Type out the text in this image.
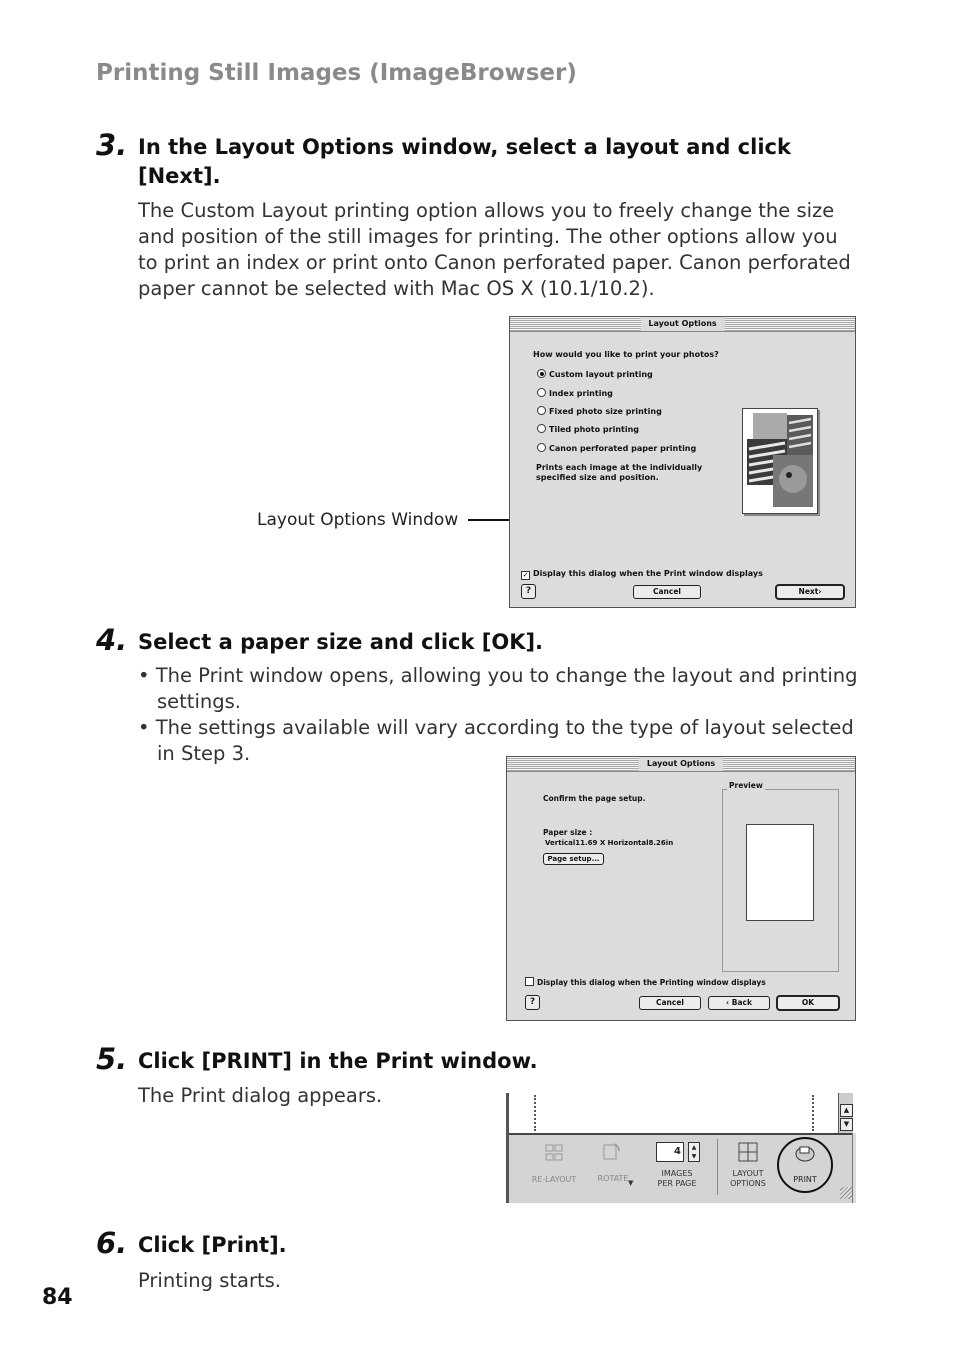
Printing Still Images (ImageBrowser)
3. In the Layout Options window, select a layout and click [Next].
The Custom Layout printing option allows you to freely change the size and position of the still images for printing. The other options allow you to print an index or print onto Canon perforated paper. Canon perforated paper cannot be selected with Mac OS X (10.1/10.2).
Layout Options Window
Layout Options
How would you like to print your photos?
Custom layout printing
Index printing
Fixed photo size printing
Tiled photo printing
Canon perforated paper printing
Prints each image at the individually specified size and position.
✓ Display this dialog when the Print window displays
?	Cancel	Next›
4. Select a paper size and click [OK].
• The Print window opens, allowing you to change the layout and printing settings.
• The settings available will vary according to the type of layout selected in Step 3.	Layout Options
Confirm the page setup.
Paper size :
Vertical11.69 X Horizontal8.26in
Page setup...
Preview
Display this dialog when the Printing window displays
?	Cancel	‹ Back	OK
5. Click [PRINT] in the Print window.
The Print dialog appears.
▲
▼
RE-LAYOUT	ROTATE ▼
4	▲
▼
IMAGES
PER PAGE
LAYOUT
OPTIONS	PRINT
6. Click [Print].
Printing starts.
84
